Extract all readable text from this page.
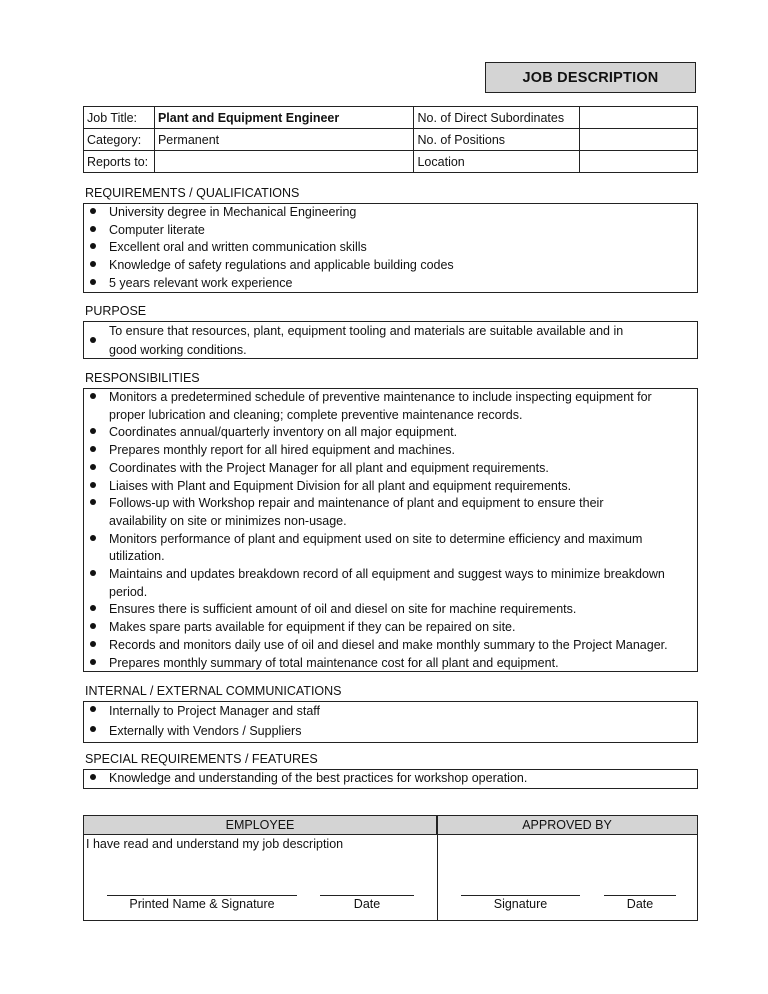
JOB DESCRIPTION
Job Title:	Plant and Equipment Engineer	No. of Direct Subordinates	
Category:	Permanent	No. of Positions	
Reports to:		Location	
REQUIREMENTS / QUALIFICATIONS
University degree in Mechanical Engineering
Computer literate
Excellent oral and written communication skills
Knowledge of safety regulations and applicable building codes
5 years relevant work experience
PURPOSE
To ensure that resources, plant, equipment tooling and materials are suitable available and in
good working conditions.
RESPONSIBILITIES
Monitors a predetermined schedule of preventive maintenance to include inspecting equipment for
proper lubrication and cleaning; complete preventive maintenance records.
Coordinates annual/quarterly inventory on all major equipment.
Prepares monthly report for all hired equipment and machines.
Coordinates with the Project Manager for all plant and equipment requirements.
Liaises with Plant and Equipment Division for all plant and equipment requirements.
Follows-up with Workshop repair and maintenance of plant and equipment to ensure their
availability on site or minimizes non-usage.
Monitors performance of plant and equipment used on site to determine efficiency and maximum
utilization.
Maintains and updates breakdown record of all equipment and suggest ways to minimize breakdown
period.
Ensures there is sufficient amount of oil and diesel on site for machine requirements.
Makes spare parts available for equipment if they can be repaired on site.
Records and monitors daily use of oil and diesel and make monthly summary to the Project Manager.
Prepares monthly summary of total maintenance cost for all plant and equipment.
INTERNAL / EXTERNAL COMMUNICATIONS
Internally to Project Manager and staff
Externally with Vendors / Suppliers
SPECIAL REQUIREMENTS / FEATURES
Knowledge and understanding of the best practices for workshop operation.
EMPLOYEE	APPROVED BY
I have read and understand my job description
Printed Name & Signature	Date	Signature	Date
